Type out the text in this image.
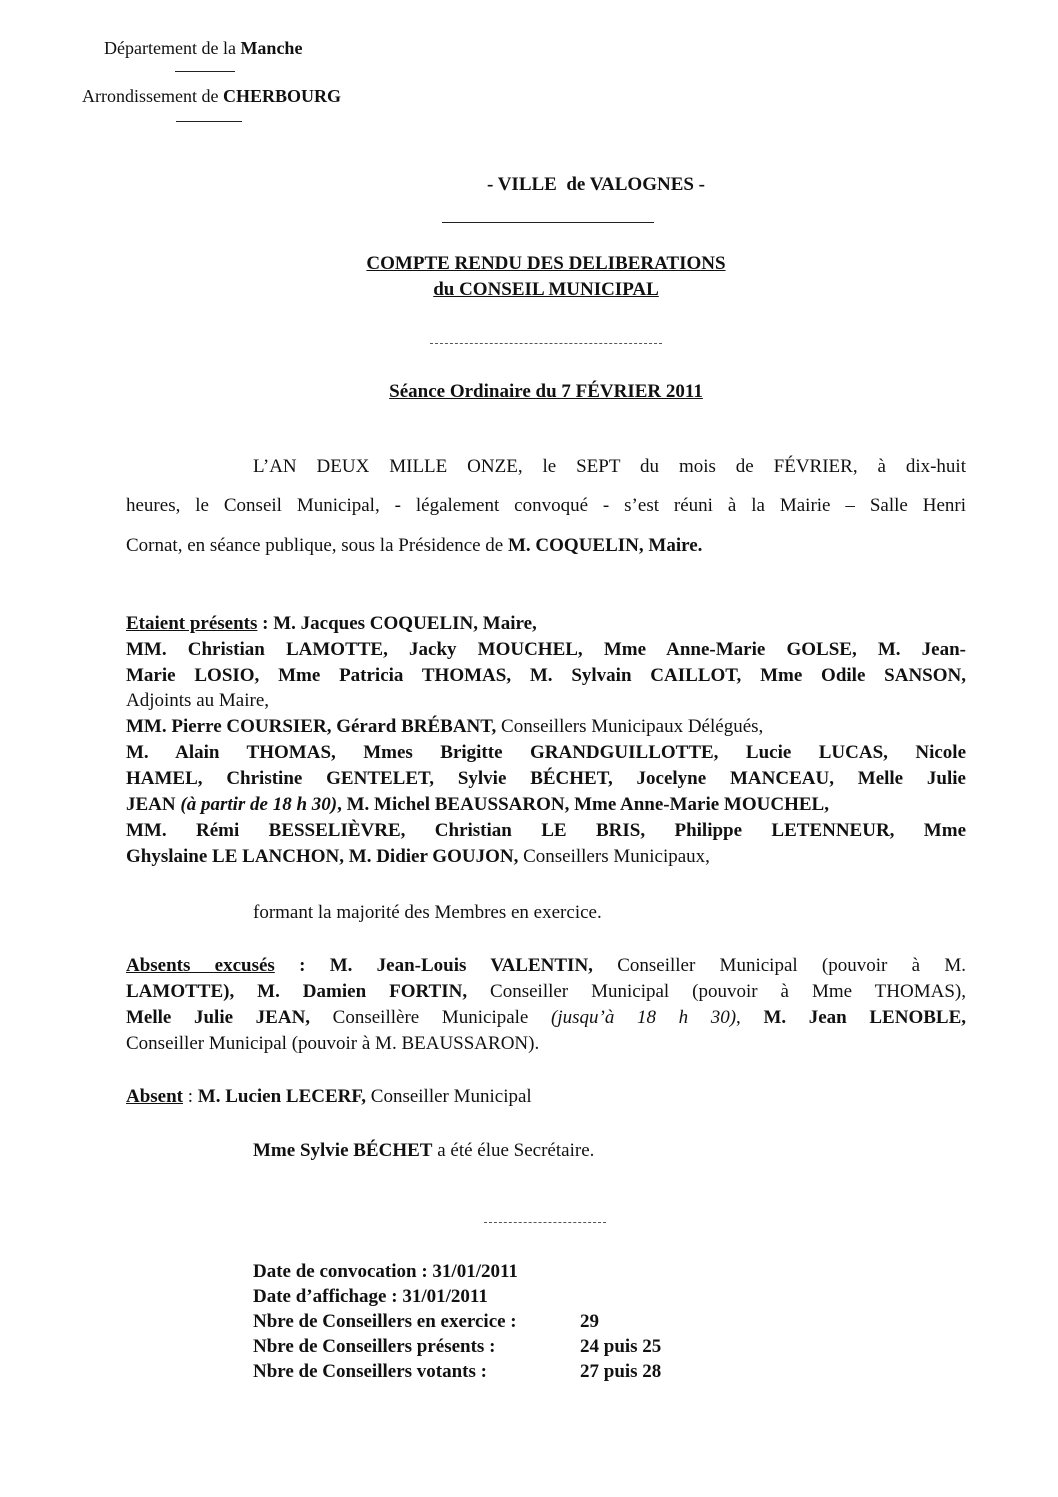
Département de la Manche
Arrondissement de CHERBOURG
- VILLE  de VALOGNES -
COMPTE RENDU DES DELIBERATIONS
du CONSEIL MUNICIPAL
Séance Ordinaire du 7 FÉVRIER 2011
L’AN DEUX MILLE ONZE, le SEPT du mois de FÉVRIER, à dix-huit
heures, le Conseil Municipal, - légalement convoqué - s’est réuni à la Mairie – Salle Henri
Cornat, en séance publique, sous la Présidence de M. COQUELIN, Maire.
Etaient présents : M. Jacques COQUELIN, Maire,
MM. Christian LAMOTTE, Jacky MOUCHEL, Mme Anne-Marie GOLSE, M. Jean-
Marie LOSIO, Mme Patricia THOMAS, M. Sylvain CAILLOT, Mme Odile SANSON,
Adjoints au Maire,
MM. Pierre COURSIER, Gérard BRÉBANT, Conseillers Municipaux Délégués,
M. Alain THOMAS, Mmes Brigitte GRANDGUILLOTTE, Lucie LUCAS, Nicole
HAMEL, Christine GENTELET, Sylvie BÉCHET, Jocelyne MANCEAU, Melle Julie
JEAN (à partir de 18 h 30), M. Michel BEAUSSARON, Mme Anne-Marie MOUCHEL,
MM. Rémi BESSELIÈVRE, Christian LE BRIS, Philippe LETENNEUR, Mme
Ghyslaine LE LANCHON, M. Didier GOUJON, Conseillers Municipaux,
formant la majorité des Membres en exercice.
Absents excusés : M. Jean-Louis VALENTIN, Conseiller Municipal (pouvoir à M.
LAMOTTE), M. Damien FORTIN, Conseiller Municipal (pouvoir à Mme THOMAS),
Melle Julie JEAN, Conseillère Municipale (jusqu’à 18 h 30), M. Jean LENOBLE,
Conseiller Municipal (pouvoir à M. BEAUSSARON).
Absent : M. Lucien LECERF, Conseiller Municipal
Mme Sylvie BÉCHET a été élue Secrétaire.
Date de convocation : 31/01/2011
Date d’affichage : 31/01/2011
Nbre de Conseillers en exercice :	29
Nbre de Conseillers présents :	24 puis 25
Nbre de Conseillers votants :	27 puis 28
